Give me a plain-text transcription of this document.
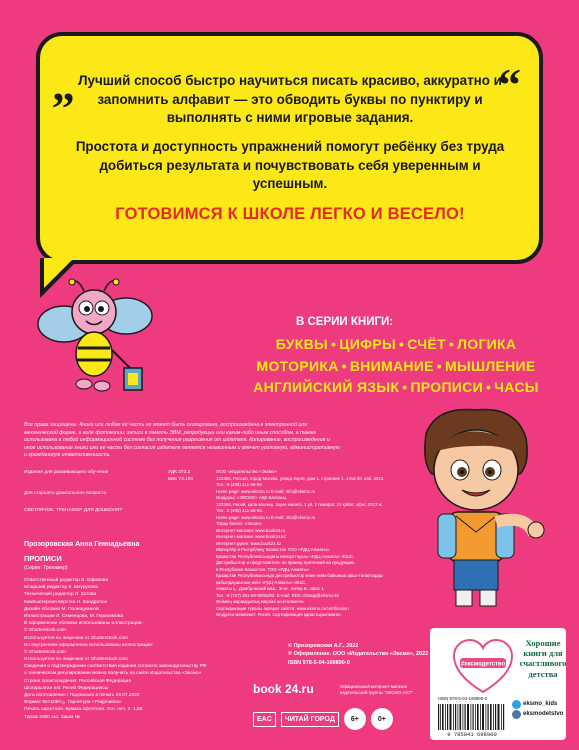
„	“

Лучший способ быстро научиться писать красиво, аккуратно и запомнить алфавит — это обводить буквы по пунктиру и выполнять с ними игровые задания.

Простота и доступность упражнений помогут ребёнку без труда добиться результата и почувствовать себя уверенным и успешным.

ГОТОВИМСЯ К ШКОЛЕ ЛЕГКО И ВЕСЕЛО!
В СЕРИИ КНИГИ:
БУКВЫ • ЦИФРЫ • СЧЁТ • ЛОГИКА
МОТОРИКА • ВНИМАНИЕ • МЫШЛЕНИЕ
АНГЛИЙСКИЙ ЯЗЫК • ПРОПИСИ • ЧАСЫ

Все права защищены. Книга или любая ее часть не может быть скопирована, воспроизведена в электронной или механической форме, в виде фотокопии, записи в память ЭВМ, репродукции или каким-либо иным способом, а также использована в любой информационной системе без получения разрешения от издателя. Копирование, воспроизведение и иное использование книги или ее части без согласия издателя является незаконным и влечет уголовную, административную и гражданскую ответственность.

Издание для развивающего обучения
Для старшего дошкольного возраста
СВЕТЛЯЧОК. ТРЕНАЖЕР ДЛЯ ДОШКОЛЯТ
УДК 373.2
ББК 74.104
ООО «Издательство «Эксмо»
123308, Россия, город Москва, улица Зорге, дом 1, строение 1, этаж 20, каб. 2013.
Тел.: 8 (495) 411-68-86.
Home page: www.eksmo.ru E-mail: info@eksmo.ru
Өндіруші: «ЭКСМО» АҚБ Баспасы,
123308, Ресей, қала Мәскеу, Зорге көшесі, 1 үй, 1 ғимарат, 20 қабат, офис 2013 ж.
Тел.: 8 (495) 411-68-86.
Home page: www.eksmo.ru E-mail: info@eksmo.ru
Тауар белгісі: «Эксмо»
Интернет-магазин: www.book24.ru
Интернет-магазин: www.book24.kz
Интернет-дүкен: www.book24.kz
Импортёр в Республику Казахстан ТОО «РДЦ-Алматы».
Қазақстан Республикасындағы импорттаушы «РДЦ-Алматы» ЖШС.
Дистрибьютор и представитель по приему претензий на продукцию,
в Республике Казахстан: ТОО «РДЦ-Алматы»
Қазақстан Республикасында дистрибьютор және өнім бойынша арыз-талаптарды
қабылдаушының өкілі «РДЦ-Алматы» ЖШС,
Алматы қ., Домбровский көш., 3«а», литер Б, офис 1.
Тел.: 8 (727) 251-59-90/91/92; E-mail: RDC-Almaty@eksmo.kz
Өнімнің жарамдылық мерзімі шектелмеген.
Сертификация туралы ақпарат сайтта: www.eksmo.ru/certification
Өндірген мемлекет: Ресей. Сертификация қарастырылмаған
Прозоровская Анна Геннадьевна
ПРОПИСИ
(Серия: Тренажер)
Ответственный редактор В. Ефимова
Младший редактор К. Шкурупова
Технический редактор Л. Зотова
Компьютерная верстка Н. Кондратюк
Дизайн обложки М. Полищукиной
Иллюстрации Л. Семенцова, М. Герасимова
В оформлении обложки использованы иллюстрации:
© Shutterstock.com
Используется по лицензии от Shutterstock.com
Во внутреннем оформлении использованы иллюстрации:
© Shutterstock.com
Используется по лицензии от Shutterstock.com
Сведения о подтверждении соответствия издания согласно законодательству РФ
о техническом регулировании можно получить на сайте Издательства «Эксмо»
Страна происхождения: Российская Федерация
Шығарылған елі: Ресей Федерациясы
Дата изготовления / Подписано в печать 29.07.2022
Формат 84×108¹/₁₆. Гарнитура «Pragmatica»
Печать офсетная. Бумага офсетная. Усл. печ. л. 1,68.
Тираж 2000 экз. Заказ №
© Прозоровская А.Г., 2022
© Оформление. ООО «Издательство «Эксмо», 2022
ISBN 978-5-04-169890-0
book 24.ru	Официальный интернет-магазин издательской группы "ЭКСМО-АСТ"
EAC	ЧИТАЙ ГОРОД	6+	0+
#эксмодетство
Хорошие книги для счастливого детства
ISBN 978-5-04-169890-0
9 785041 698900
eksmo_kids
eksmodetstvo
